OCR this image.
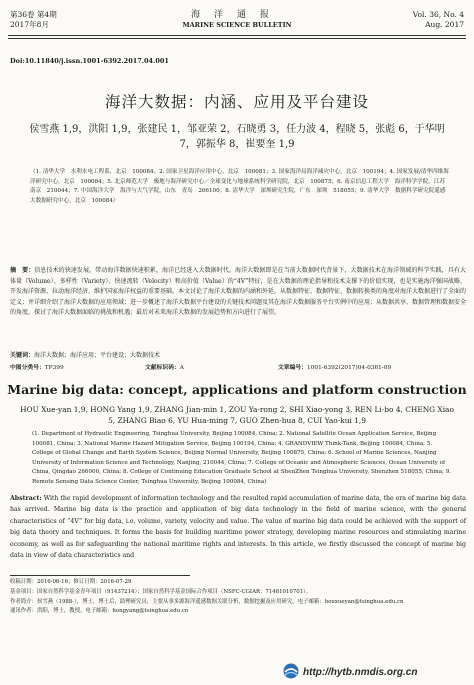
第36卷 第4期
2017年8月
海洋通报
MARINE SCIENCE BULLETIN
Vol. 36, No. 4
Aug. 2017
Doi:10.11840/j.issn.1001-6392.2017.04.001
海洋大数据：内涵、应用及平台建设
侯雪燕 1,9，洪阳 1,9，张建民 1，邹亚荣 2，石晓勇 3，任力波 4，程晓 5，张彪 6，于华明 7，郭振华 8，崔要奎 1,9
（1. 清华大学　水利水电工程系，北京　100084；2. 国家卫星海洋应用中心，北京　100081；3. 国家海洋局海洋减灾中心，北京　100194；4. 国家发展/清华四维海洋研究中心，北京　100084；5. 北京师范大学　极地与海洋研究中心／全球变化与地球系统科学研究院，北京　100875；6. 南京信息工程大学　海洋科学学院，江苏　南京　210044；7. 中国海洋大学　海洋与大气学院，山东　青岛　266100；8. 清华大学　深圳研究生院，广东　深圳　518055；9. 清华大学　数据科学研究院遥感大数据研究中心，北京　100084）
摘　要：信息技术的快速发展，带动海洋数据快速积累，海洋已经进入大数据时代。海洋大数据即是在当前大数据时代背景下，大数据技术在海洋领域的科学实践，具有大体量（Volume）、多样性（Variety）、快速流转（Velocity）和高价值（Value）的“4V”特征，是在大数据的理论指导和技术支撑下的价值实现，也是实施海洋强国战略、开发海洋资源、拉动海洋经济、维护国家海洋权益的重要基础。本文讨论了海洋大数据的内涵和外延，从数据特征、数据特征、数据转换类的角度对海洋大数据进行了全面的定义；并详细介绍了海洋大数据的应用领域；进一步概述了海洋大数据平台建设的关键技术问题及其在海洋大数据服务平台实例中的应用；从数据共享、数据管理和数据安全的角度，探讨了海洋大数据面临的挑战和机遇；最后对未来海洋大数据的发展趋势和方向进行了展望。
关键词：海洋大数据；海洋应用；平台建设；大数据技术
中图分类号：TP399	文献标识码：A	文章编号：1001-6392(2017)04-0361-09
Marine big data: concept, applications and platform construction
HOU Xue-yan 1,9, HONG Yang 1,9, ZHANG Jian-min 1, ZOU Ya-rong 2, SHI Xiao-yong 3, REN Li-bo 4, CHENG Xiao 5, ZHANG Biao 6, YU Hua-ming 7, GUO Zhen-hua 8, CUI Yao-kui 1,9
(1. Department of Hydraulic Engineering, Tsinghua University, Beijing 100084, China; 2. National Satellite Ocean Application Service, Beijing 100081, China; 3. National Marine Hazard Mitigation Service, Beijing 100194, China; 4. GRANDVIEW Think-Tank, Beijing 100084, China; 5. College of Global Change and Earth System Science, Beijing Normal University, Beijing 100875, China; 6. School of Marine Sciences, Nanjing University of Information Science and Technology, Nanjing, 210044, China; 7. College of Oceanic and Atmospheric Sciences, Ocean University of China, Qingdao 266000, China; 8. College of Continuing Education Graduate School at ShenZhen Tsinghua University, Shenzhen 518055, China; 9. Remote Sensing Data Science Center, Tsinghua University, Beijing 100084, China)
Abstract: With the rapid development of information technology and the resulted rapid accumulation of marine data, the era of marine big data has arrived. Marine big data is the practice and application of big data technology in the field of marine science, with the general characteristics of “4V” for big data, i.e. volume, variety, velocity and value. The value of marine big data could be achieved with the support of big data theory and techniques. It forms the basis for building maritime power strategy, developing marine resources and stimulating marine economy, as well as for safeguarding the national maritime rights and interests. In this article, we firstly discussed the concept of marine big data in view of data characteristics and
收稿日期：2016-06-16；修订日期：2016-07-29
基金项目：国家自然科学基金青年项目（91437214）；国家自然科学基金国际合作项目（NSFC-CGIAR：71461010701）。
作者简介：侯雪燕（1988-），博士，博士后，助理研究员，主要从事多源海洋遥感数据关联分析，数据挖掘及应用研究。电子邮箱：houxueyan@tsinghua.edu.cn
通讯作者：洪阳，博士，教授。电子邮箱：hongyang@tsinghua.edu.cn
http://hytb.nmdis.org.cn
